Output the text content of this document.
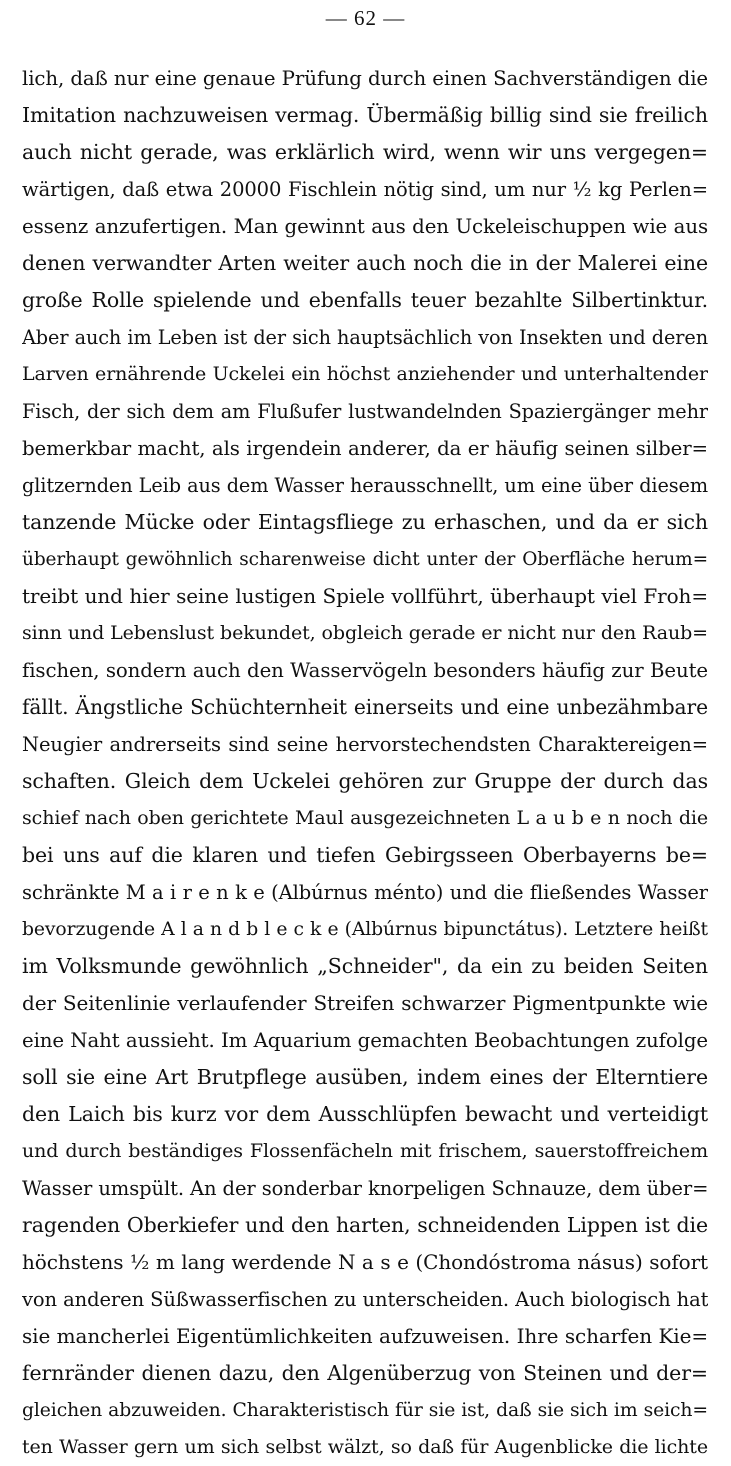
— 62 —
lich, daß nur eine genaue Prüfung durch einen Sachverständigen die
Imitation nachzuweisen vermag. Übermäßig billig sind sie freilich
auch nicht gerade, was erklärlich wird, wenn wir uns vergegen=
wärtigen, daß etwa 20000 Fischlein nötig sind, um nur ½ kg Perlen=
essenz anzufertigen. Man gewinnt aus den Uckeleischuppen wie aus
denen verwandter Arten weiter auch noch die in der Malerei eine
große Rolle spielende und ebenfalls teuer bezahlte Silbertinktur.
Aber auch im Leben ist der sich hauptsächlich von Insekten und deren
Larven ernährende Uckelei ein höchst anziehender und unterhaltender
Fisch, der sich dem am Flußufer lustwandelnden Spaziergänger mehr
bemerkbar macht, als irgendein anderer, da er häufig seinen silber=
glitzernden Leib aus dem Wasser herausschnellt, um eine über diesem
tanzende Mücke oder Eintagsfliege zu erhaschen, und da er sich
überhaupt gewöhnlich scharenweise dicht unter der Oberfläche herum=
treibt und hier seine lustigen Spiele vollführt, überhaupt viel Froh=
sinn und Lebenslust bekundet, obgleich gerade er nicht nur den Raub=
fischen, sondern auch den Wasservögeln besonders häufig zur Beute
fällt. Ängstliche Schüchternheit einerseits und eine unbezähmbare
Neugier andrerseits sind seine hervorstechendsten Charaktereigen=
schaften. Gleich dem Uckelei gehören zur Gruppe der durch das
schief nach oben gerichtete Maul ausgezeichneten L a u b e n noch die
bei uns auf die klaren und tiefen Gebirgsseen Oberbayerns be=
schränkte M a i r e n k e (Albúrnus ménto) und die fließendes Wasser
bevorzugende A l a n d b l e c k e (Albúrnus bipunctátus). Letztere heißt
im Volksmunde gewöhnlich „Schneider", da ein zu beiden Seiten
der Seitenlinie verlaufender Streifen schwarzer Pigmentpunkte wie
eine Naht aussieht. Im Aquarium gemachten Beobachtungen zufolge
soll sie eine Art Brutpflege ausüben, indem eines der Elterntiere
den Laich bis kurz vor dem Ausschlüpfen bewacht und verteidigt
und durch beständiges Flossenfächeln mit frischem, sauerstoffreichem
Wasser umspült. An der sonderbar knorpeligen Schnauze, dem über=
ragenden Oberkiefer und den harten, schneidenden Lippen ist die
höchstens ½ m lang werdende N a s e (Chondóstroma násus) sofort
von anderen Süßwasserfischen zu unterscheiden. Auch biologisch hat
sie mancherlei Eigentümlichkeiten aufzuweisen. Ihre scharfen Kie=
fernränder dienen dazu, den Algenüberzug von Steinen und der=
gleichen abzuweiden. Charakteristisch für sie ist, daß sie sich im seich=
ten Wasser gern um sich selbst wälzt, so daß für Augenblicke die lichte
